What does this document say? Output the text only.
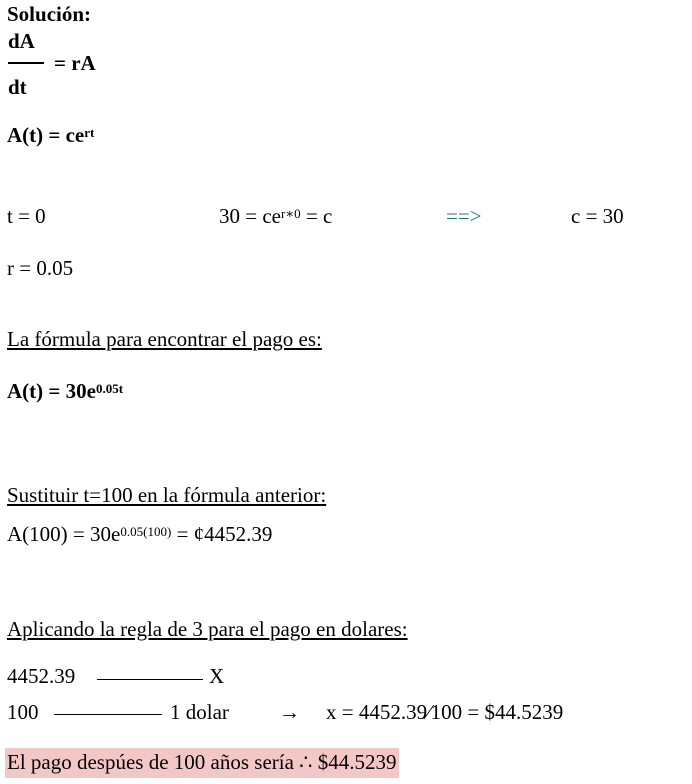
Solución:
dA
= rA
dt
$A(t) = ce^{rt}$
t = 0	$30 = ce^{r∗0} = c$	==>	c = 30
r = 0.05
La fórmula para encontrar el pago es:
$A(t) = 30e^{0.05t}$
Sustituir t=100 en la fórmula anterior:
$A(100) = 30e^{0.05(100)}$ = ¢4452.39
Aplicando la regla de 3 para el pago en dolares:
4452.39	X
100	1 dolar → x = 4452.39⁄100 = $44.5239
El pago despúes de 100 años sería ∴ $44.5239
